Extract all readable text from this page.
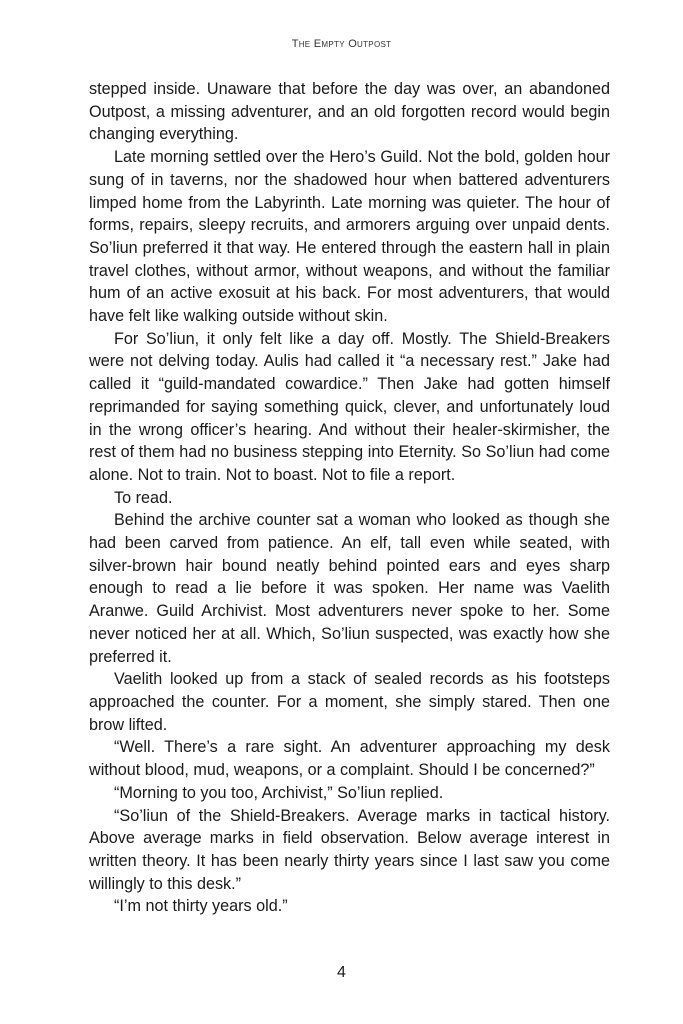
The Empty Outpost

stepped inside. Unaware that before the day was over, an abandoned Outpost, a missing adventurer, and an old forgotten record would begin changing everything.

Late morning settled over the Hero’s Guild. Not the bold, golden hour sung of in taverns, nor the shadowed hour when battered adventurers limped home from the Labyrinth. Late morning was quieter. The hour of forms, repairs, sleepy recruits, and armorers arguing over unpaid dents. So’liun preferred it that way. He entered through the eastern hall in plain travel clothes, without armor, without weapons, and without the familiar hum of an active exosuit at his back. For most adventurers, that would have felt like walking outside without skin.

For So’liun, it only felt like a day off. Mostly. The Shield-Breakers were not delving today. Aulis had called it “a necessary rest.” Jake had called it “guild-mandated cowardice.” Then Jake had gotten himself reprimanded for saying something quick, clever, and unfortunately loud in the wrong officer’s hearing. And without their healer-skirmisher, the rest of them had no business stepping into Eternity. So So’liun had come alone. Not to train. Not to boast. Not to file a report.

To read.

Behind the archive counter sat a woman who looked as though she had been carved from patience. An elf, tall even while seated, with silver-brown hair bound neatly behind pointed ears and eyes sharp enough to read a lie before it was spoken. Her name was Vaelith Aranwe. Guild Archivist. Most adventurers never spoke to her. Some never noticed her at all. Which, So’liun suspected, was exactly how she preferred it.

Vaelith looked up from a stack of sealed records as his footsteps approached the counter. For a moment, she simply stared. Then one brow lifted.

“Well. There’s a rare sight. An adventurer approaching my desk without blood, mud, weapons, or a complaint. Should I be concerned?”

“Morning to you too, Archivist,” So’liun replied.

“So’liun of the Shield-Breakers. Average marks in tactical history. Above average marks in field observation. Below average interest in written theory. It has been nearly thirty years since I last saw you come willingly to this desk.”

“I’m not thirty years old.”

4
